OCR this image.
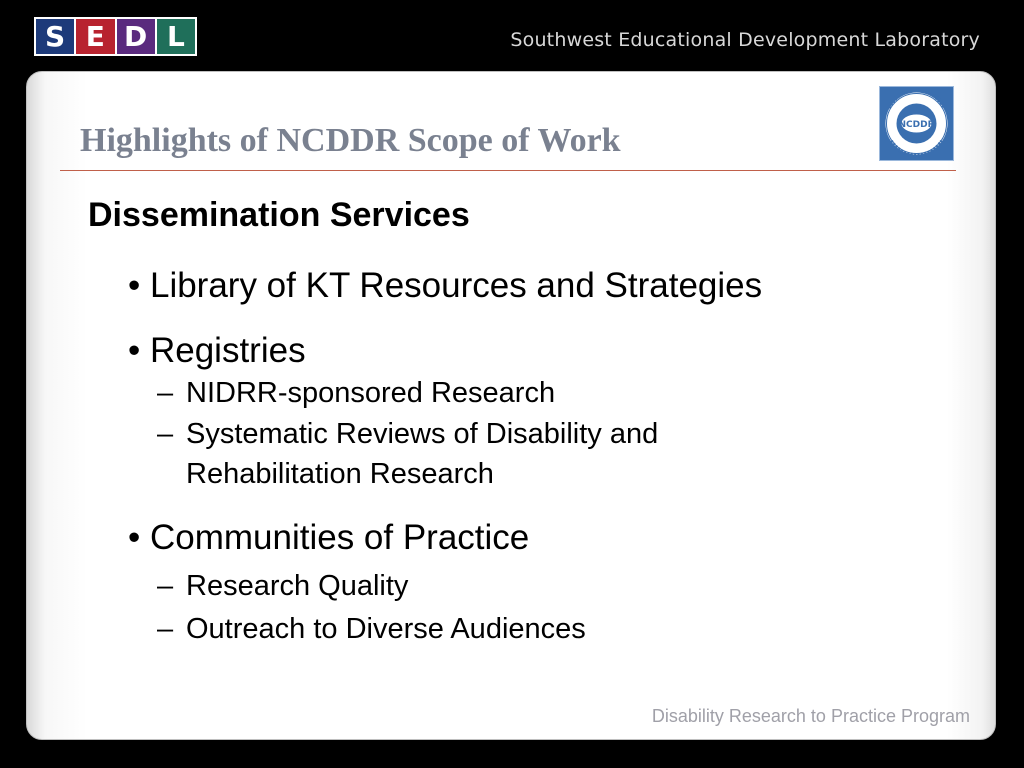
S E D L	Southwest Educational Development Laboratory
Highlights of NCDDR Scope of Work	NCDDR
Dissemination Services
• Library of KT Resources and Strategies
• Registries
– NIDRR-sponsored Research
– Systematic Reviews of Disability and
Rehabilitation Research
• Communities of Practice
– Research Quality
– Outreach to Diverse Audiences
Disability Research to Practice Program
